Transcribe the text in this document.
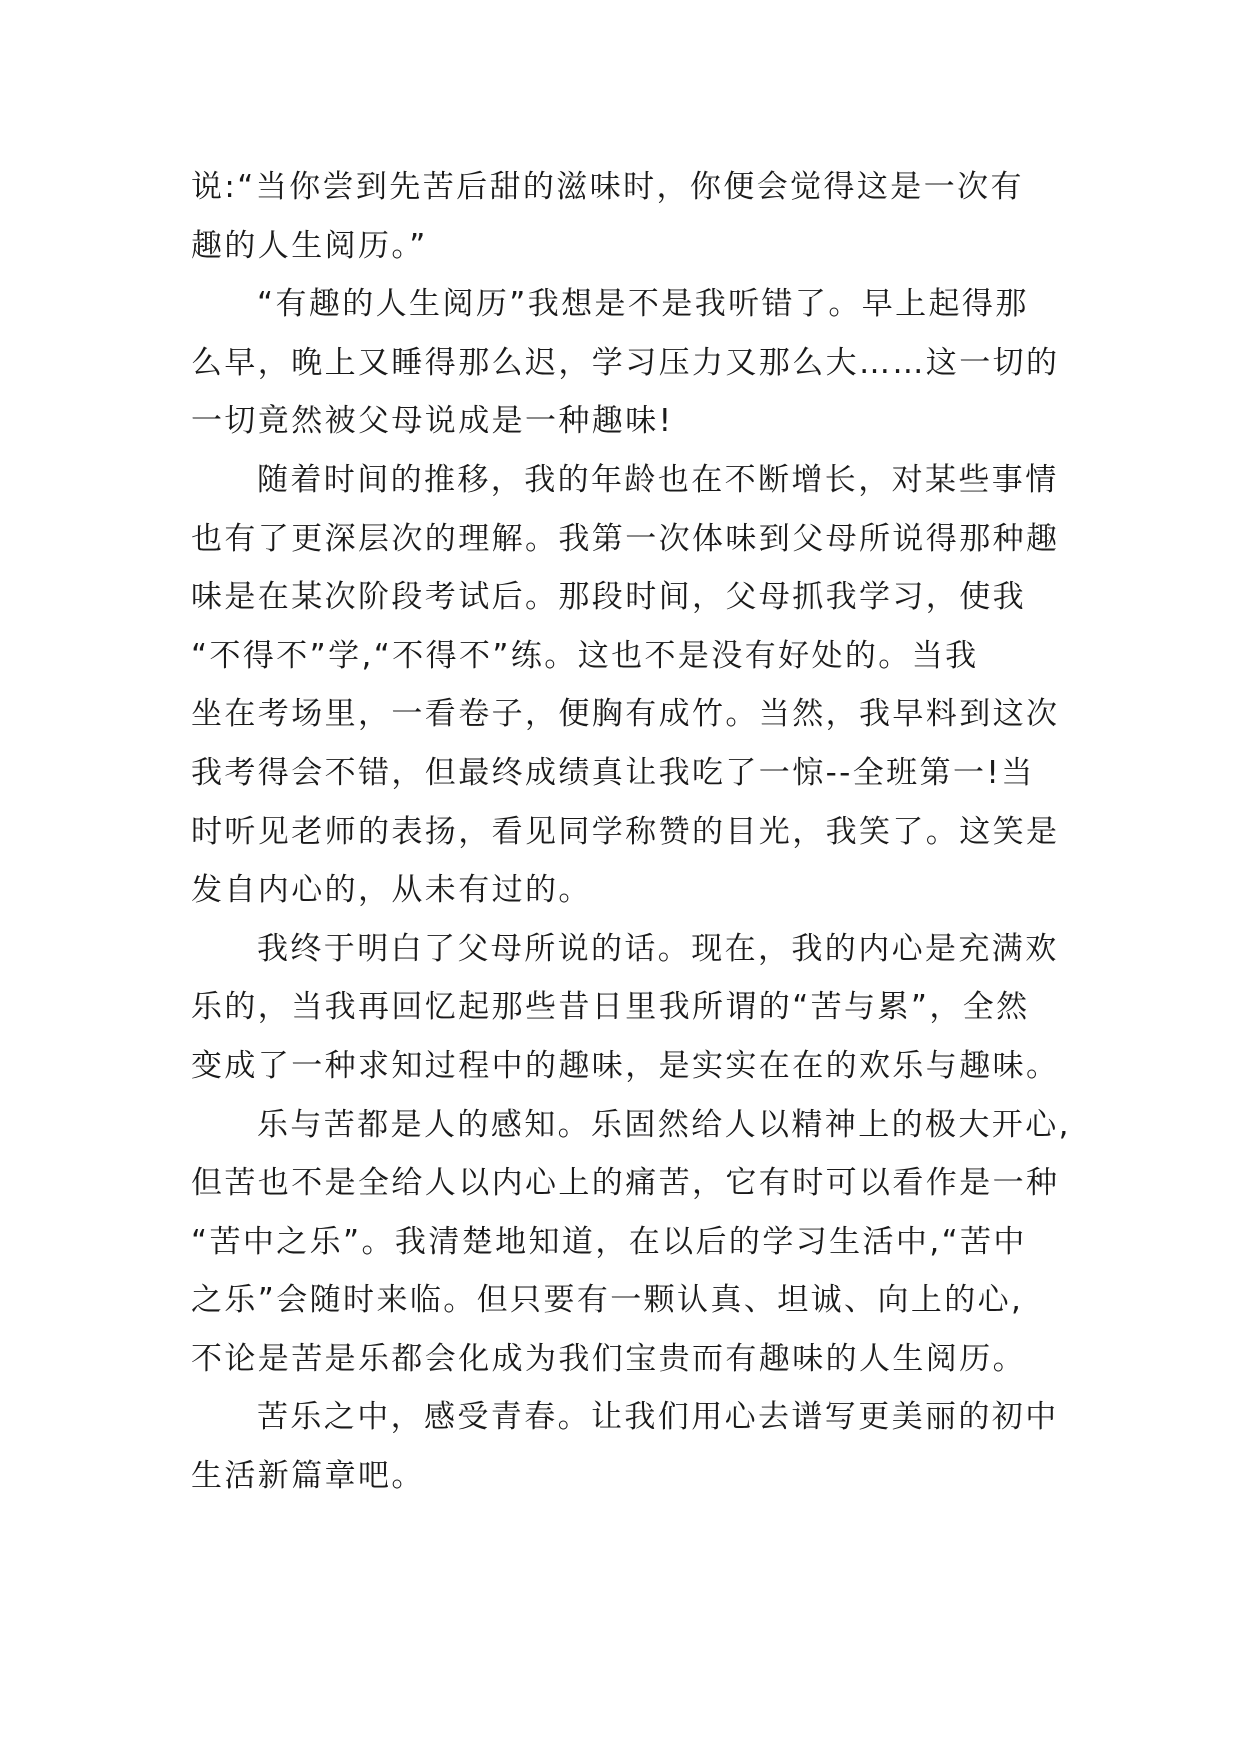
说:“当你尝到先苦后甜的滋味时，你便会觉得这是一次有
趣的人生阅历。”
“有趣的人生阅历”我想是不是我听错了。早上起得那
么早，晚上又睡得那么迟，学习压力又那么大……这一切的
一切竟然被父母说成是一种趣味!
随着时间的推移，我的年龄也在不断增长，对某些事情
也有了更深层次的理解。我第一次体味到父母所说得那种趣
味是在某次阶段考试后。那段时间，父母抓我学习，使我
“不得不”学,“不得不”练。这也不是没有好处的。当我
坐在考场里，一看卷子，便胸有成竹。当然，我早料到这次
我考得会不错，但最终成绩真让我吃了一惊--全班第一!当
时听见老师的表扬，看见同学称赞的目光，我笑了。这笑是
发自内心的，从未有过的。
我终于明白了父母所说的话。现在，我的内心是充满欢
乐的，当我再回忆起那些昔日里我所谓的“苦与累”，全然
变成了一种求知过程中的趣味，是实实在在的欢乐与趣味。
乐与苦都是人的感知。乐固然给人以精神上的极大开心,
但苦也不是全给人以内心上的痛苦，它有时可以看作是一种
“苦中之乐”。我清楚地知道，在以后的学习生活中,“苦中
之乐”会随时来临。但只要有一颗认真、坦诚、向上的心,
不论是苦是乐都会化成为我们宝贵而有趣味的人生阅历。
苦乐之中，感受青春。让我们用心去谱写更美丽的初中
生活新篇章吧。
